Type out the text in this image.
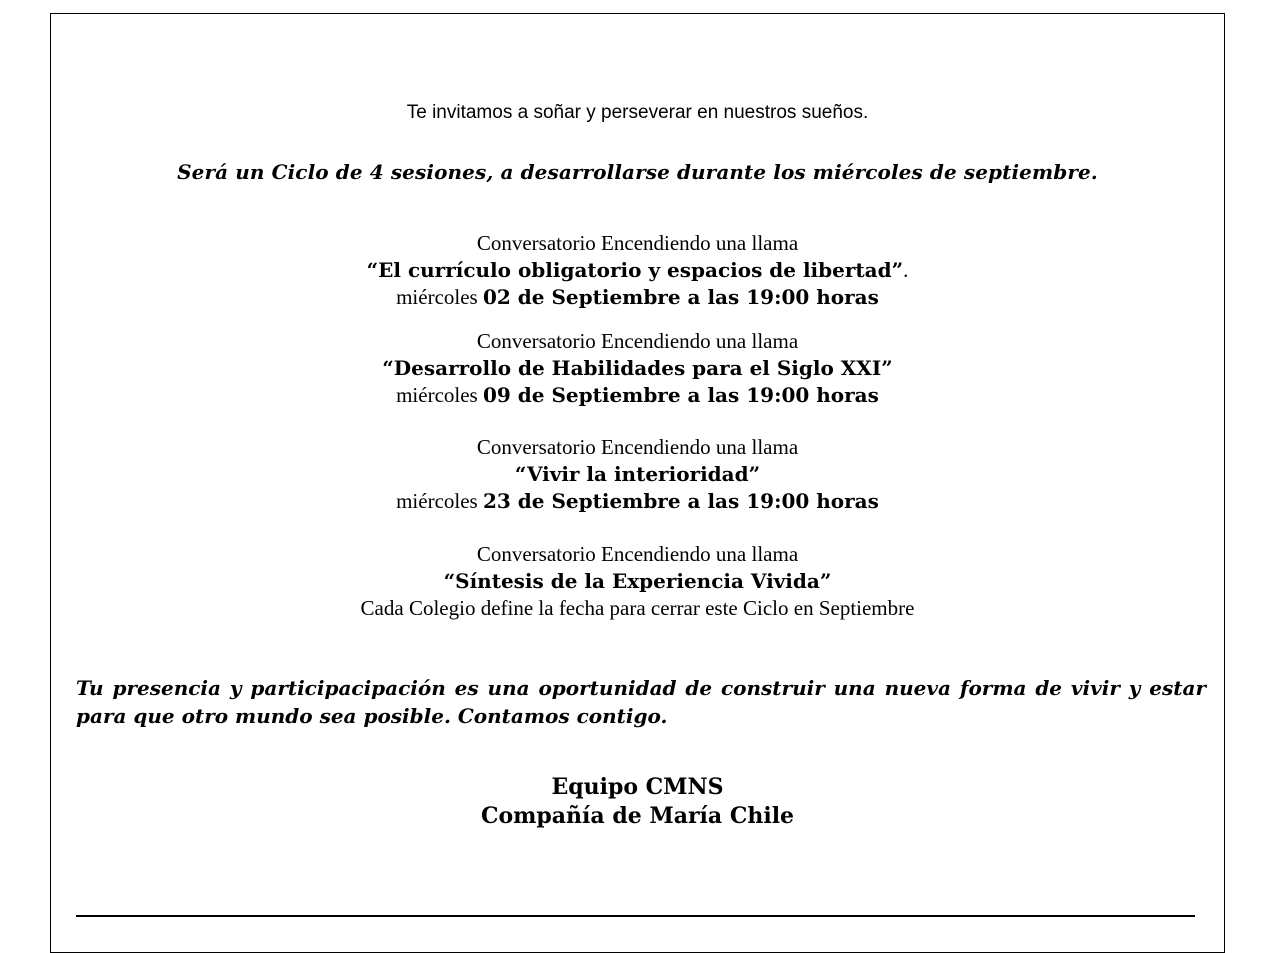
Te invitamos a soñar y perseverar en nuestros sueños.
Será un Ciclo de 4 sesiones, a desarrollarse durante los miércoles de septiembre.
Conversatorio Encendiendo una llama
“El currículo obligatorio y espacios de libertad”.
miércoles 02 de Septiembre a las 19:00 horas
Conversatorio Encendiendo una llama
“Desarrollo de Habilidades para el Siglo XXI”
miércoles 09 de Septiembre a las 19:00 horas
Conversatorio Encendiendo una llama
“Vivir la interioridad”
miércoles 23 de Septiembre a las 19:00 horas
Conversatorio Encendiendo una llama
“Síntesis de la Experiencia Vivida”
Cada Colegio define la fecha para cerrar este Ciclo en Septiembre
Tu presencia y participacipación es una oportunidad de construir una nueva forma de vivir y estar para que otro mundo sea posible. Contamos contigo.
Equipo CMNS
Compañía de María Chile
